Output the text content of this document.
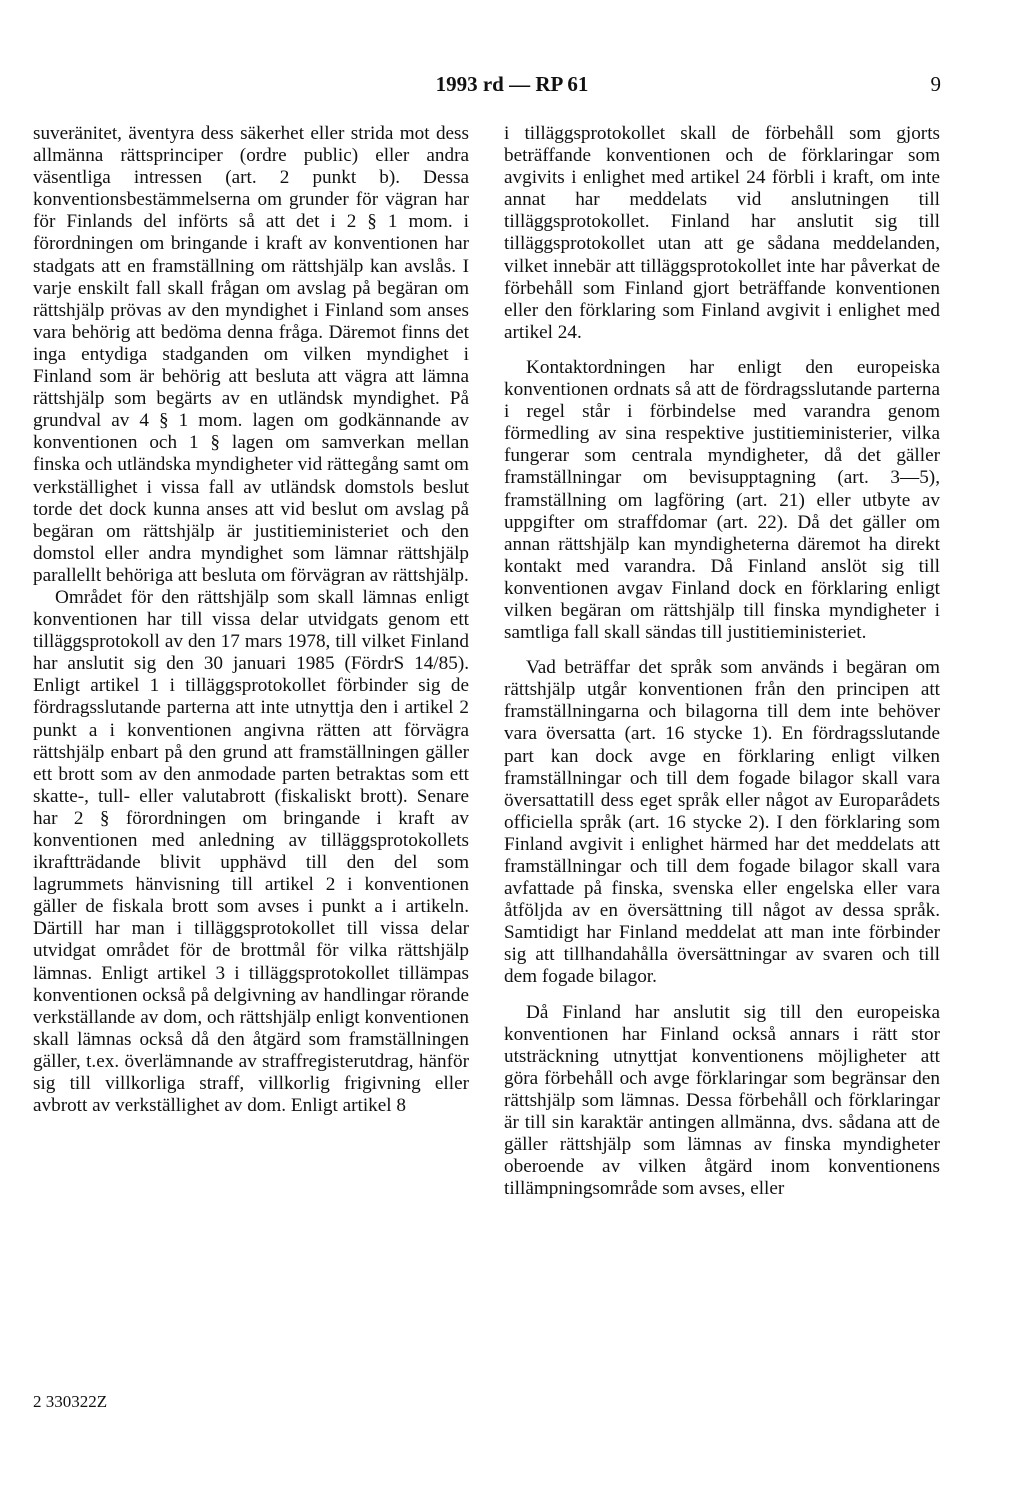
1993 rd — RP 61	9

suveränitet, äventyra dess säkerhet eller strida mot dess allmänna rättsprinciper (ordre public) eller andra väsentliga intressen (art. 2 punkt b). Dessa konventionsbestämmelserna om grunder för vägran har för Finlands del införts så att det i 2 § 1 mom. i förordningen om bringande i kraft av konventionen har stadgats att en framställning om rättshjälp kan avslås. I varje enskilt fall skall frågan om avslag på begäran om rättshjälp prövas av den myndighet i Finland som anses vara behörig att bedöma denna fråga. Däremot finns det inga entydiga stadganden om vilken myndighet i Finland som är behörig att besluta att vägra att lämna rättshjälp som begärts av en utländsk myndighet. På grundval av 4 § 1 mom. lagen om godkännande av konventionen och 1 § lagen om samverkan mellan finska och utländska myndigheter vid rättegång samt om verkställighet i vissa fall av utländsk domstols beslut torde det dock kunna anses att vid beslut om avslag på begäran om rättshjälp är justitieministeriet och den domstol eller andra myndighet som lämnar rättshjälp parallellt behöriga att besluta om förvägran av rättshjälp.

Området för den rättshjälp som skall lämnas enligt konventionen har till vissa delar utvidgats genom ett tilläggsprotokoll av den 17 mars 1978, till vilket Finland har anslutit sig den 30 januari 1985 (FördrS 14/85). Enligt artikel 1 i tilläggsprotokollet förbinder sig de fördragsslutande parterna att inte utnyttja den i artikel 2 punkt a i konventionen angivna rätten att förvägra rättshjälp enbart på den grund att framställningen gäller ett brott som av den anmodade parten betraktas som ett skatte-, tull- eller valutabrott (fiskaliskt brott). Senare har 2 § förordningen om bringande i kraft av konventionen med anledning av tilläggsprotokollets ikraftträdande blivit upphävd till den del som lagrummets hänvisning till artikel 2 i konventionen gäller de fiskala brott som avses i punkt a i artikeln. Därtill har man i tilläggsprotokollet till vissa delar utvidgat området för de brottmål för vilka rättshjälp lämnas. Enligt artikel 3 i tilläggsprotokollet tillämpas konventionen också på delgivning av handlingar rörande verkställande av dom, och rättshjälp enligt konventionen skall lämnas också då den åtgärd som framställningen gäller, t.ex. överlämnande av straffregisterutdrag, hänför sig till villkorliga straff, villkorlig frigivning eller avbrott av verkställighet av dom. Enligt artikel 8

i tilläggsprotokollet skall de förbehåll som gjorts beträffande konventionen och de förklaringar som avgivits i enlighet med artikel 24 förbli i kraft, om inte annat har meddelats vid anslutningen till tilläggsprotokollet. Finland har anslutit sig till tilläggsprotokollet utan att ge sådana meddelanden, vilket innebär att tilläggsprotokollet inte har påverkat de förbehåll som Finland gjort beträffande konventionen eller den förklaring som Finland avgivit i enlighet med artikel 24.

Kontaktordningen har enligt den europeiska konventionen ordnats så att de fördragsslutande parterna i regel står i förbindelse med varandra genom förmedling av sina respektive justitieministerier, vilka fungerar som centrala myndigheter, då det gäller framställningar om bevisupptagning (art. 3—5), framställning om lagföring (art. 21) eller utbyte av uppgifter om straffdomar (art. 22). Då det gäller om annan rättshjälp kan myndigheterna däremot ha direkt kontakt med varandra. Då Finland anslöt sig till konventionen avgav Finland dock en förklaring enligt vilken begäran om rättshjälp till finska myndigheter i samtliga fall skall sändas till justitieministeriet.

Vad beträffar det språk som används i begäran om rättshjälp utgår konventionen från den principen att framställningarna och bilagorna till dem inte behöver vara översatta (art. 16 stycke 1). En fördragsslutande part kan dock avge en förklaring enligt vilken framställningar och till dem fogade bilagor skall vara översattatill dess eget språk eller något av Europarådets officiella språk (art. 16 stycke 2). I den förklaring som Finland avgivit i enlighet härmed har det meddelats att framställningar och till dem fogade bilagor skall vara avfattade på finska, svenska eller engelska eller vara åtföljda av en översättning till något av dessa språk. Samtidigt har Finland meddelat att man inte förbinder sig att tillhandahålla översättningar av svaren och till dem fogade bilagor.

Då Finland har anslutit sig till den europeiska konventionen har Finland också annars i rätt stor utsträckning utnyttjat konventionens möjligheter att göra förbehåll och avge förklaringar som begränsar den rättshjälp som lämnas. Dessa förbehåll och förklaringar är till sin karaktär antingen allmänna, dvs. sådana att de gäller rättshjälp som lämnas av finska myndigheter oberoende av vilken åtgärd inom konventionens tillämpningsområde som avses, eller

2 330322Z
